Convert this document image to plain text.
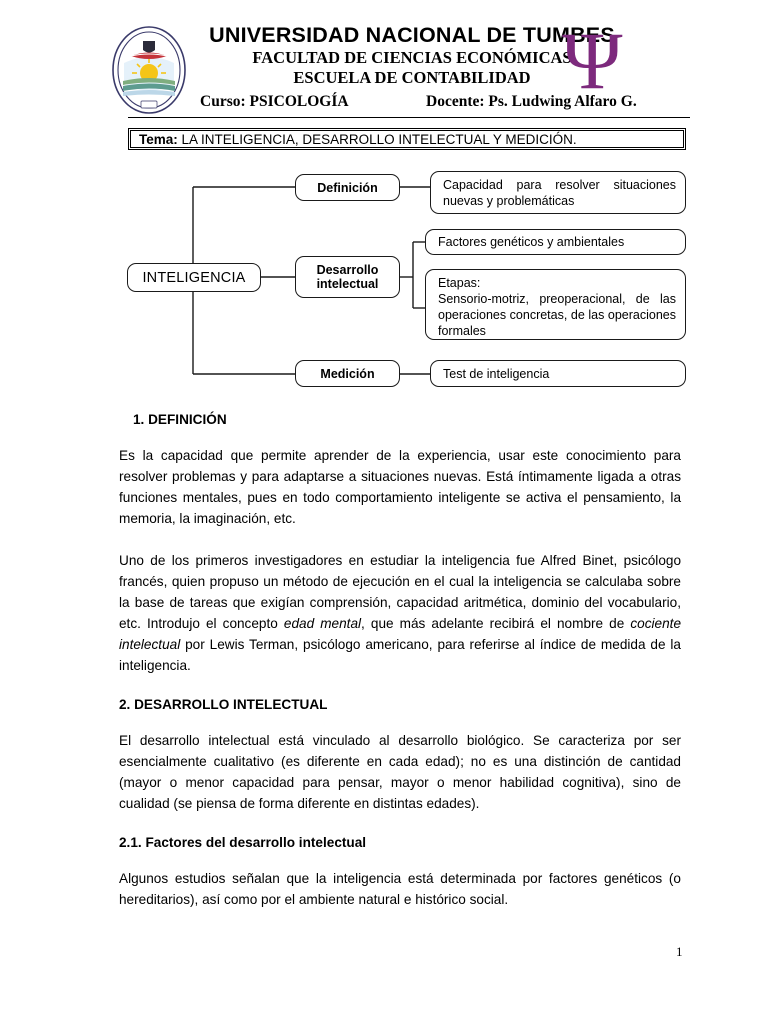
UNIVERSIDAD NACIONAL DE TUMBES
FACULTAD DE CIENCIAS ECONÓMICAS
ESCUELA DE CONTABILIDAD
Curso: PSICOLOGÍA	Docente: Ps. Ludwing Alfaro G.
Ψ
Tema: LA INTELIGENCIA, DESARROLLO INTELECTUAL Y MEDICIÓN.
INTELIGENCIA
Definición
Desarrollo
intelectual
Medición
Capacidad para resolver situaciones nuevas y problemáticas
Factores genéticos y ambientales
Etapas:
Sensorio-motriz, preoperacional, de las operaciones concretas, de las operaciones formales
Test de inteligencia
1. DEFINICIÓN

Es la capacidad que permite aprender de la experiencia, usar este conocimiento para resolver problemas y para adaptarse a situaciones nuevas. Está íntimamente ligada a otras funciones mentales, pues en todo comportamiento inteligente se activa el pensamiento, la memoria, la imaginación, etc.

Uno de los primeros investigadores en estudiar la inteligencia fue Alfred Binet, psicólogo francés, quien propuso un método de ejecución en el cual la inteligencia se calculaba sobre la base de tareas que exigían comprensión, capacidad aritmética, dominio del vocabulario, etc. Introdujo el concepto edad mental, que más adelante recibirá el nombre de cociente intelectual por Lewis Terman, psicólogo americano, para referirse al índice de medida de la inteligencia.

2. DESARROLLO INTELECTUAL

El desarrollo intelectual está vinculado al desarrollo biológico. Se caracteriza por ser esencialmente cualitativo (es diferente en cada edad); no es una distinción de cantidad (mayor o menor capacidad para pensar, mayor o menor habilidad cognitiva), sino de cualidad (se piensa de forma diferente en distintas edades).

2.1. Factores del desarrollo intelectual

Algunos estudios señalan que la inteligencia está determinada por factores genéticos (o hereditarios), así como por el ambiente natural e histórico social.

1
